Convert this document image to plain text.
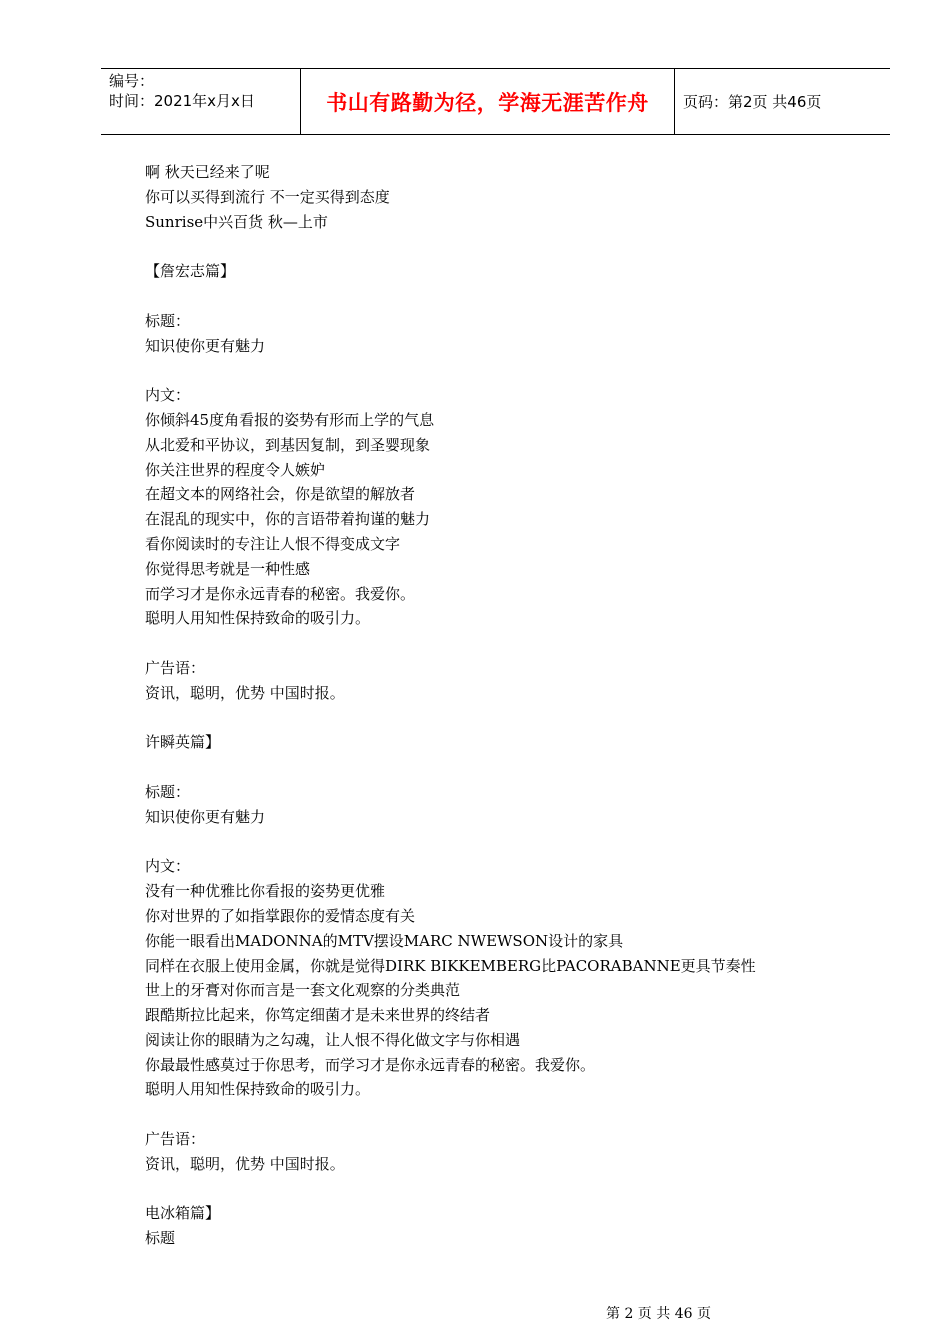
编号：
时间：2021年x月x日	书山有路勤为径，学海无涯苦作舟	页码：第2页 共46页
啊 秋天已经来了呢
你可以买得到流行 不一定买得到态度
Sunrise中兴百货 秋—上市
【詹宏志篇】
标题：
知识使你更有魅力
内文：
你倾斜45度角看报的姿势有形而上学的气息
从北爱和平协议，到基因复制，到圣婴现象
你关注世界的程度令人嫉妒
在超文本的网络社会，你是欲望的解放者
在混乱的现实中，你的言语带着拘谨的魅力
看你阅读时的专注让人恨不得变成文字
你觉得思考就是一种性感
而学习才是你永远青春的秘密。我爱你。
聪明人用知性保持致命的吸引力。
广告语：
资讯，聪明，优势 中国时报。
许瞬英篇】
标题：
知识使你更有魅力
内文：
没有一种优雅比你看报的姿势更优雅
你对世界的了如指掌跟你的爱情态度有关
你能一眼看出MADONNA的MTV摆设MARC NWEWSON设计的家具
同样在衣服上使用金属，你就是觉得DIRK BIKKEMBERG比PACORABANNE更具节奏性
世上的牙膏对你而言是一套文化观察的分类典范
跟酷斯拉比起来，你笃定细菌才是未来世界的终结者
阅读让你的眼睛为之勾魂，让人恨不得化做文字与你相遇
你最最性感莫过于你思考，而学习才是你永远青春的秘密。我爱你。
聪明人用知性保持致命的吸引力。
广告语：
资讯，聪明，优势 中国时报。
电冰箱篇】
标题
第 2 页 共 46 页
